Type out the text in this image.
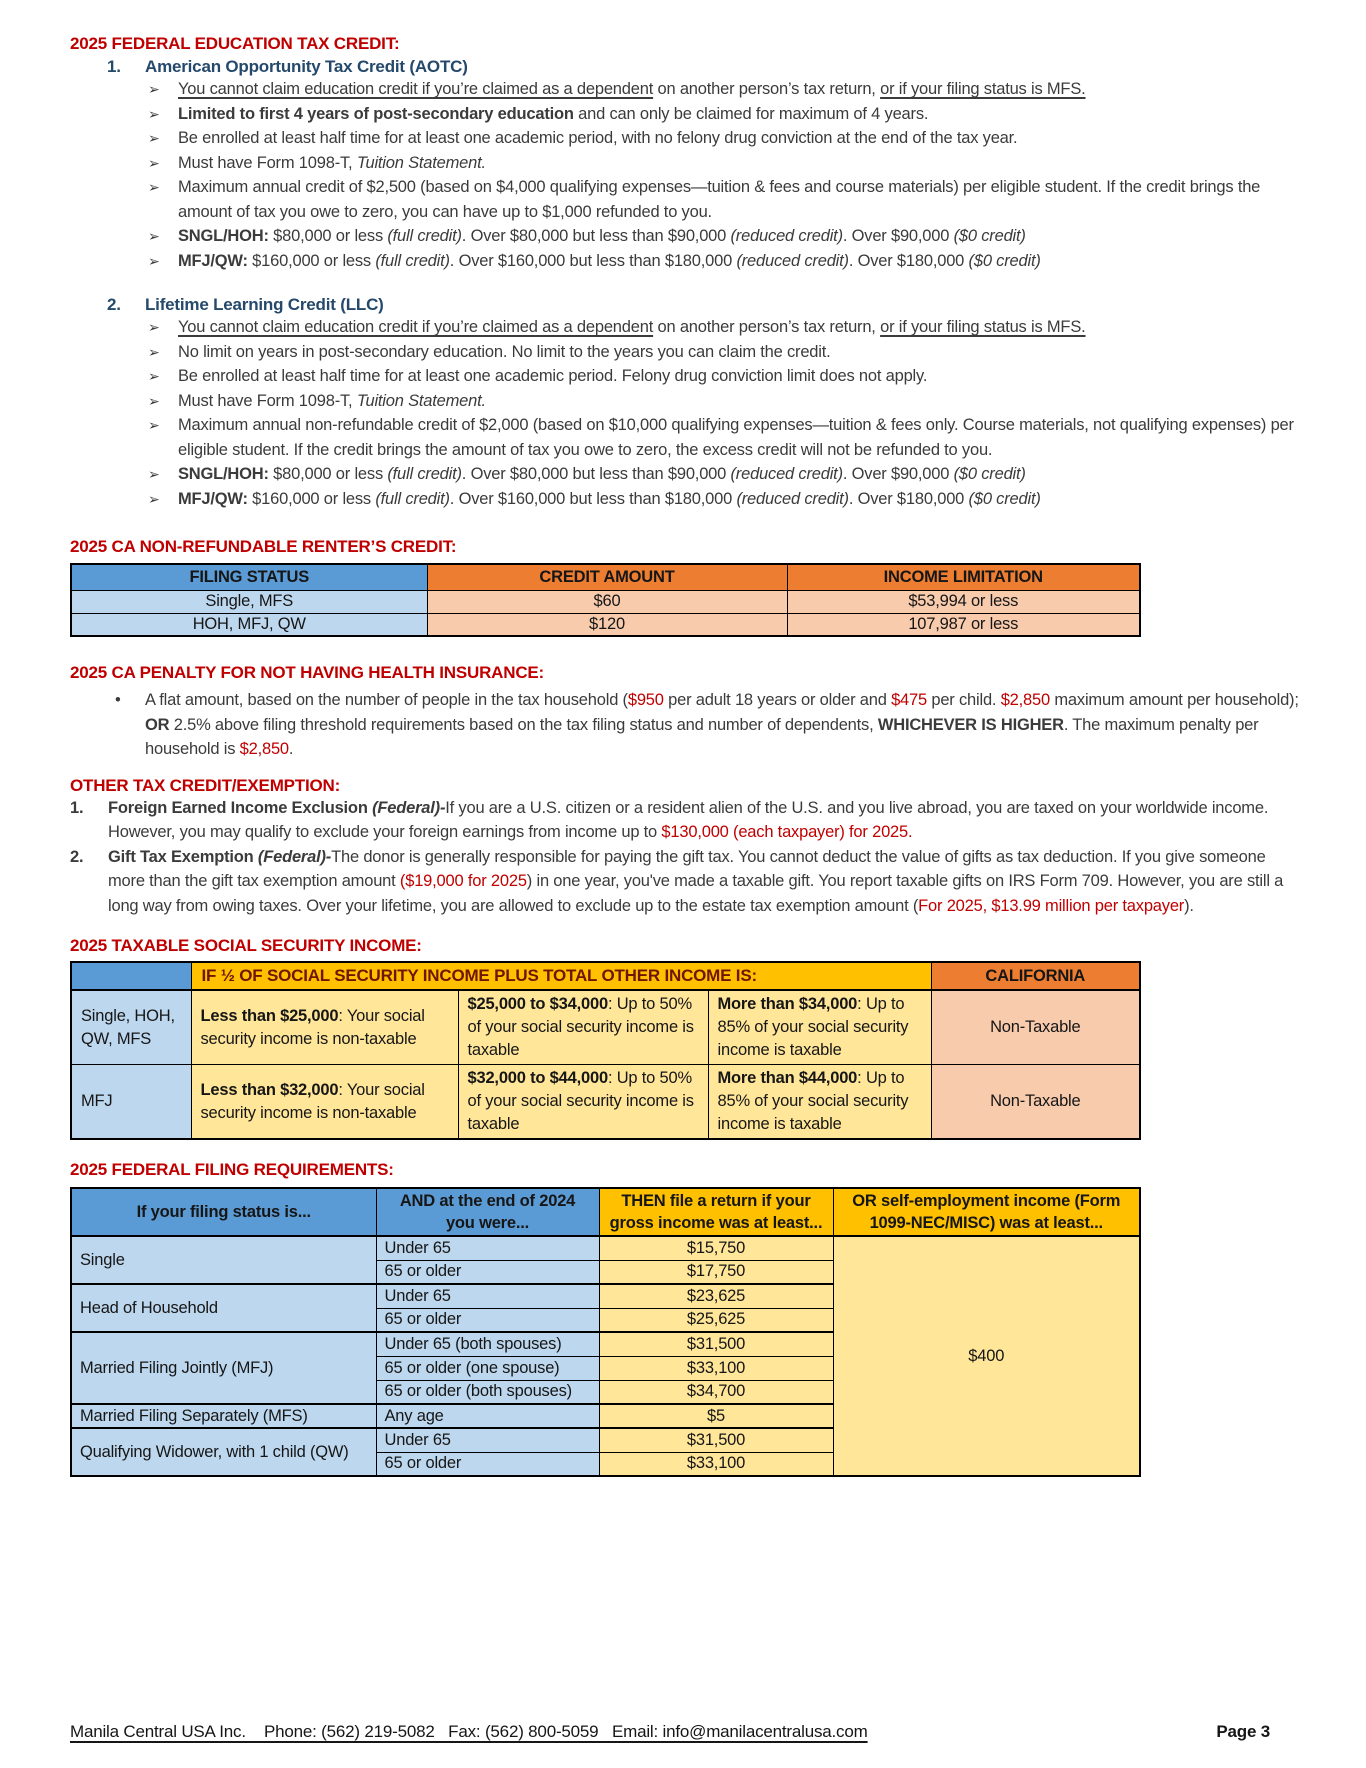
2025 FEDERAL EDUCATION TAX CREDIT:
1.	American Opportunity Tax Credit (AOTC)
➢	You cannot claim education credit if you’re claimed as a dependent on another person’s tax return, or if your filing status is MFS.
➢	Limited to first 4 years of post-secondary education and can only be claimed for maximum of 4 years.
➢	Be enrolled at least half time for at least one academic period, with no felony drug conviction at the end of the tax year.
➢	Must have Form 1098-T, Tuition Statement.
➢	Maximum annual credit of $2,500 (based on $4,000 qualifying expenses—tuition & fees and course materials) per eligible student. If the credit brings the amount of tax you owe to zero, you can have up to $1,000 refunded to you.
➢	SNGL/HOH: $80,000 or less (full credit). Over $80,000 but less than $90,000 (reduced credit). Over $90,000 ($0 credit)
➢	MFJ/QW: $160,000 or less (full credit). Over $160,000 but less than $180,000 (reduced credit). Over $180,000 ($0 credit)
2.	Lifetime Learning Credit (LLC)
➢	You cannot claim education credit if you’re claimed as a dependent on another person’s tax return, or if your filing status is MFS.
➢	No limit on years in post-secondary education. No limit to the years you can claim the credit.
➢	Be enrolled at least half time for at least one academic period. Felony drug conviction limit does not apply.
➢	Must have Form 1098-T, Tuition Statement.
➢	Maximum annual non-refundable credit of $2,000 (based on $10,000 qualifying expenses—tuition & fees only. Course materials, not qualifying expenses) per eligible student. If the credit brings the amount of tax you owe to zero, the excess credit will not be refunded to you.
➢	SNGL/HOH: $80,000 or less (full credit). Over $80,000 but less than $90,000 (reduced credit). Over $90,000 ($0 credit)
➢	MFJ/QW: $160,000 or less (full credit). Over $160,000 but less than $180,000 (reduced credit). Over $180,000 ($0 credit)
2025 CA NON-REFUNDABLE RENTER’S CREDIT:
FILING STATUS	CREDIT AMOUNT	INCOME LIMITATION
Single, MFS	$60	$53,994 or less
HOH, MFJ, QW	$120	107,987 or less
2025 CA PENALTY FOR NOT HAVING HEALTH INSURANCE:
•	A flat amount, based on the number of people in the tax household ($950 per adult 18 years or older and $475 per child. $2,850 maximum amount per household); OR 2.5% above filing threshold requirements based on the tax filing status and number of dependents, WHICHEVER IS HIGHER. The maximum penalty per household is $2,850.
OTHER TAX CREDIT/EXEMPTION:
1.	Foreign Earned Income Exclusion (Federal)-If you are a U.S. citizen or a resident alien of the U.S. and you live abroad, you are taxed on your worldwide income. However, you may qualify to exclude your foreign earnings from income up to $130,000 (each taxpayer) for 2025.
2.	Gift Tax Exemption (Federal)-The donor is generally responsible for paying the gift tax. You cannot deduct the value of gifts as tax deduction. If you give someone more than the gift tax exemption amount ($19,000 for 2025) in one year, you've made a taxable gift. You report taxable gifts on IRS Form 709. However, you are still a long way from owing taxes. Over your lifetime, you are allowed to exclude up to the estate tax exemption amount (For 2025, $13.99 million per taxpayer).
2025 TAXABLE SOCIAL SECURITY INCOME:
	IF ½ OF SOCIAL SECURITY INCOME PLUS TOTAL OTHER INCOME IS:			CALIFORNIA
Single, HOH, QW, MFS	Less than $25,000: Your social security income is non-taxable	$25,000 to $34,000: Up to 50% of your social security income is taxable	More than $34,000: Up to 85% of your social security income is taxable	Non-Taxable
MFJ	Less than $32,000: Your social security income is non-taxable	$32,000 to $44,000: Up to 50% of your social security income is taxable	More than $44,000: Up to 85% of your social security income is taxable	Non-Taxable
2025 FEDERAL FILING REQUIREMENTS:
If your filing status is...	AND at the end of 2024 you were...	THEN file a return if your gross income was at least...	OR self-employment income (Form 1099-NEC/MISC) was at least...
Single	Under 65	$15,750	$400
	65 or older	$17,750	
Head of Household	Under 65	$23,625	
	65 or older	$25,625	
Married Filing Jointly (MFJ)	Under 65 (both spouses)	$31,500	
	65 or older (one spouse)	$33,100	
	65 or older (both spouses)	$34,700	
Married Filing Separately (MFS)	Any age	$5	
Qualifying Widower, with 1 child (QW)	Under 65	$31,500	
	65 or older	$33,100	
Manila Central USA Inc.    Phone: (562) 219-5082   Fax: (562) 800-5059   Email: info@manilacentralusa.com	Page 3
